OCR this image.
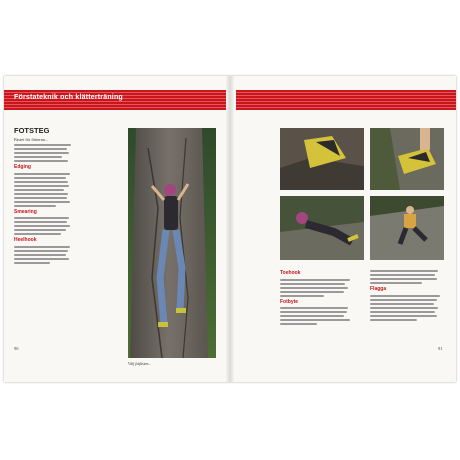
Förstateknik och klätterträning
FOTSTEG
Fästet för fötterna...
Edging
Smearing
Heelhook
Välj fotfästen...
90
Toehook
Fotbyte
Flagga
91
